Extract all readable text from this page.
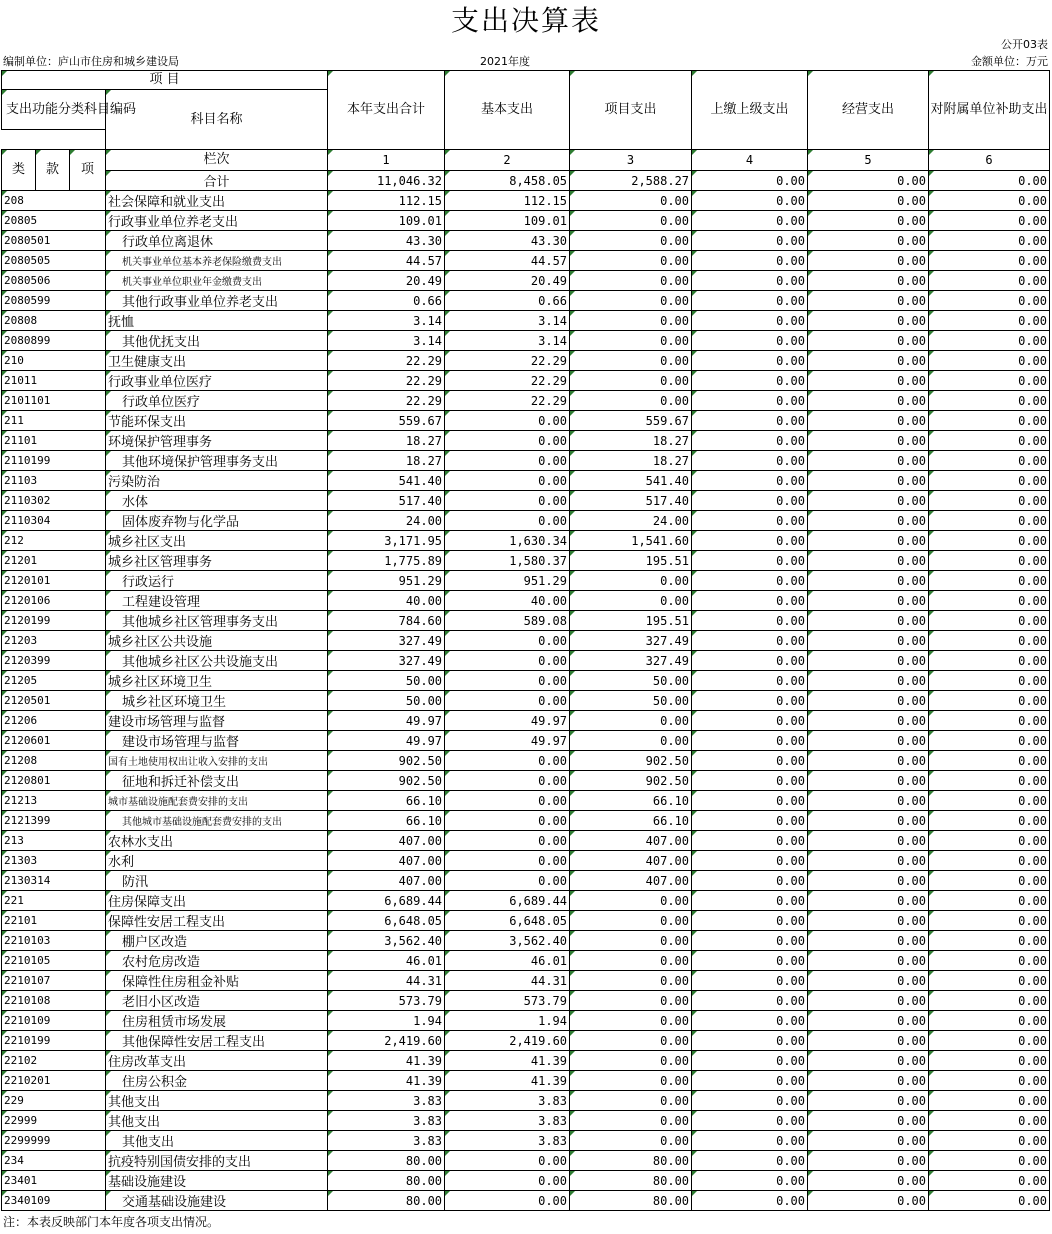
支出决算表
公开03表
编制单位：庐山市住房和城乡建设局	2021年度	金额单位：万元
项 目				本年支出合计	基本支出	项目支出	上缴上级支出	经营支出	对附属单位补助支出
支出功能分类科目编码			科目名称						

类	款	项	栏次	1	2	3	4	5	6
			合计	11,046.32	8,458.05	2,588.27	0.00	0.00	0.00
208			社会保障和就业支出	112.15	112.15	0.00	0.00	0.00	0.00
20805			行政事业单位养老支出	109.01	109.01	0.00	0.00	0.00	0.00
2080501			行政单位离退休	43.30	43.30	0.00	0.00	0.00	0.00
2080505			机关事业单位基本养老保险缴费支出	44.57	44.57	0.00	0.00	0.00	0.00
2080506			机关事业单位职业年金缴费支出	20.49	20.49	0.00	0.00	0.00	0.00
2080599			其他行政事业单位养老支出	0.66	0.66	0.00	0.00	0.00	0.00
20808			抚恤	3.14	3.14	0.00	0.00	0.00	0.00
2080899			其他优抚支出	3.14	3.14	0.00	0.00	0.00	0.00
210			卫生健康支出	22.29	22.29	0.00	0.00	0.00	0.00
21011			行政事业单位医疗	22.29	22.29	0.00	0.00	0.00	0.00
2101101			行政单位医疗	22.29	22.29	0.00	0.00	0.00	0.00
211			节能环保支出	559.67	0.00	559.67	0.00	0.00	0.00
21101			环境保护管理事务	18.27	0.00	18.27	0.00	0.00	0.00
2110199			其他环境保护管理事务支出	18.27	0.00	18.27	0.00	0.00	0.00
21103			污染防治	541.40	0.00	541.40	0.00	0.00	0.00
2110302			水体	517.40	0.00	517.40	0.00	0.00	0.00
2110304			固体废弃物与化学品	24.00	0.00	24.00	0.00	0.00	0.00
212			城乡社区支出	3,171.95	1,630.34	1,541.60	0.00	0.00	0.00
21201			城乡社区管理事务	1,775.89	1,580.37	195.51	0.00	0.00	0.00
2120101			行政运行	951.29	951.29	0.00	0.00	0.00	0.00
2120106			工程建设管理	40.00	40.00	0.00	0.00	0.00	0.00
2120199			其他城乡社区管理事务支出	784.60	589.08	195.51	0.00	0.00	0.00
21203			城乡社区公共设施	327.49	0.00	327.49	0.00	0.00	0.00
2120399			其他城乡社区公共设施支出	327.49	0.00	327.49	0.00	0.00	0.00
21205			城乡社区环境卫生	50.00	0.00	50.00	0.00	0.00	0.00
2120501			城乡社区环境卫生	50.00	0.00	50.00	0.00	0.00	0.00
21206			建设市场管理与监督	49.97	49.97	0.00	0.00	0.00	0.00
2120601			建设市场管理与监督	49.97	49.97	0.00	0.00	0.00	0.00
21208			国有土地使用权出让收入安排的支出	902.50	0.00	902.50	0.00	0.00	0.00
2120801			征地和拆迁补偿支出	902.50	0.00	902.50	0.00	0.00	0.00
21213			城市基础设施配套费安排的支出	66.10	0.00	66.10	0.00	0.00	0.00
2121399			其他城市基础设施配套费安排的支出	66.10	0.00	66.10	0.00	0.00	0.00
213			农林水支出	407.00	0.00	407.00	0.00	0.00	0.00
21303			水利	407.00	0.00	407.00	0.00	0.00	0.00
2130314			防汛	407.00	0.00	407.00	0.00	0.00	0.00
221			住房保障支出	6,689.44	6,689.44	0.00	0.00	0.00	0.00
22101			保障性安居工程支出	6,648.05	6,648.05	0.00	0.00	0.00	0.00
2210103			棚户区改造	3,562.40	3,562.40	0.00	0.00	0.00	0.00
2210105			农村危房改造	46.01	46.01	0.00	0.00	0.00	0.00
2210107			保障性住房租金补贴	44.31	44.31	0.00	0.00	0.00	0.00
2210108			老旧小区改造	573.79	573.79	0.00	0.00	0.00	0.00
2210109			住房租赁市场发展	1.94	1.94	0.00	0.00	0.00	0.00
2210199			其他保障性安居工程支出	2,419.60	2,419.60	0.00	0.00	0.00	0.00
22102			住房改革支出	41.39	41.39	0.00	0.00	0.00	0.00
2210201			住房公积金	41.39	41.39	0.00	0.00	0.00	0.00
229			其他支出	3.83	3.83	0.00	0.00	0.00	0.00
22999			其他支出	3.83	3.83	0.00	0.00	0.00	0.00
2299999			其他支出	3.83	3.83	0.00	0.00	0.00	0.00
234			抗疫特别国债安排的支出	80.00	0.00	80.00	0.00	0.00	0.00
23401			基础设施建设	80.00	0.00	80.00	0.00	0.00	0.00
2340109			交通基础设施建设	80.00	0.00	80.00	0.00	0.00	0.00
注：本表反映部门本年度各项支出情况。
